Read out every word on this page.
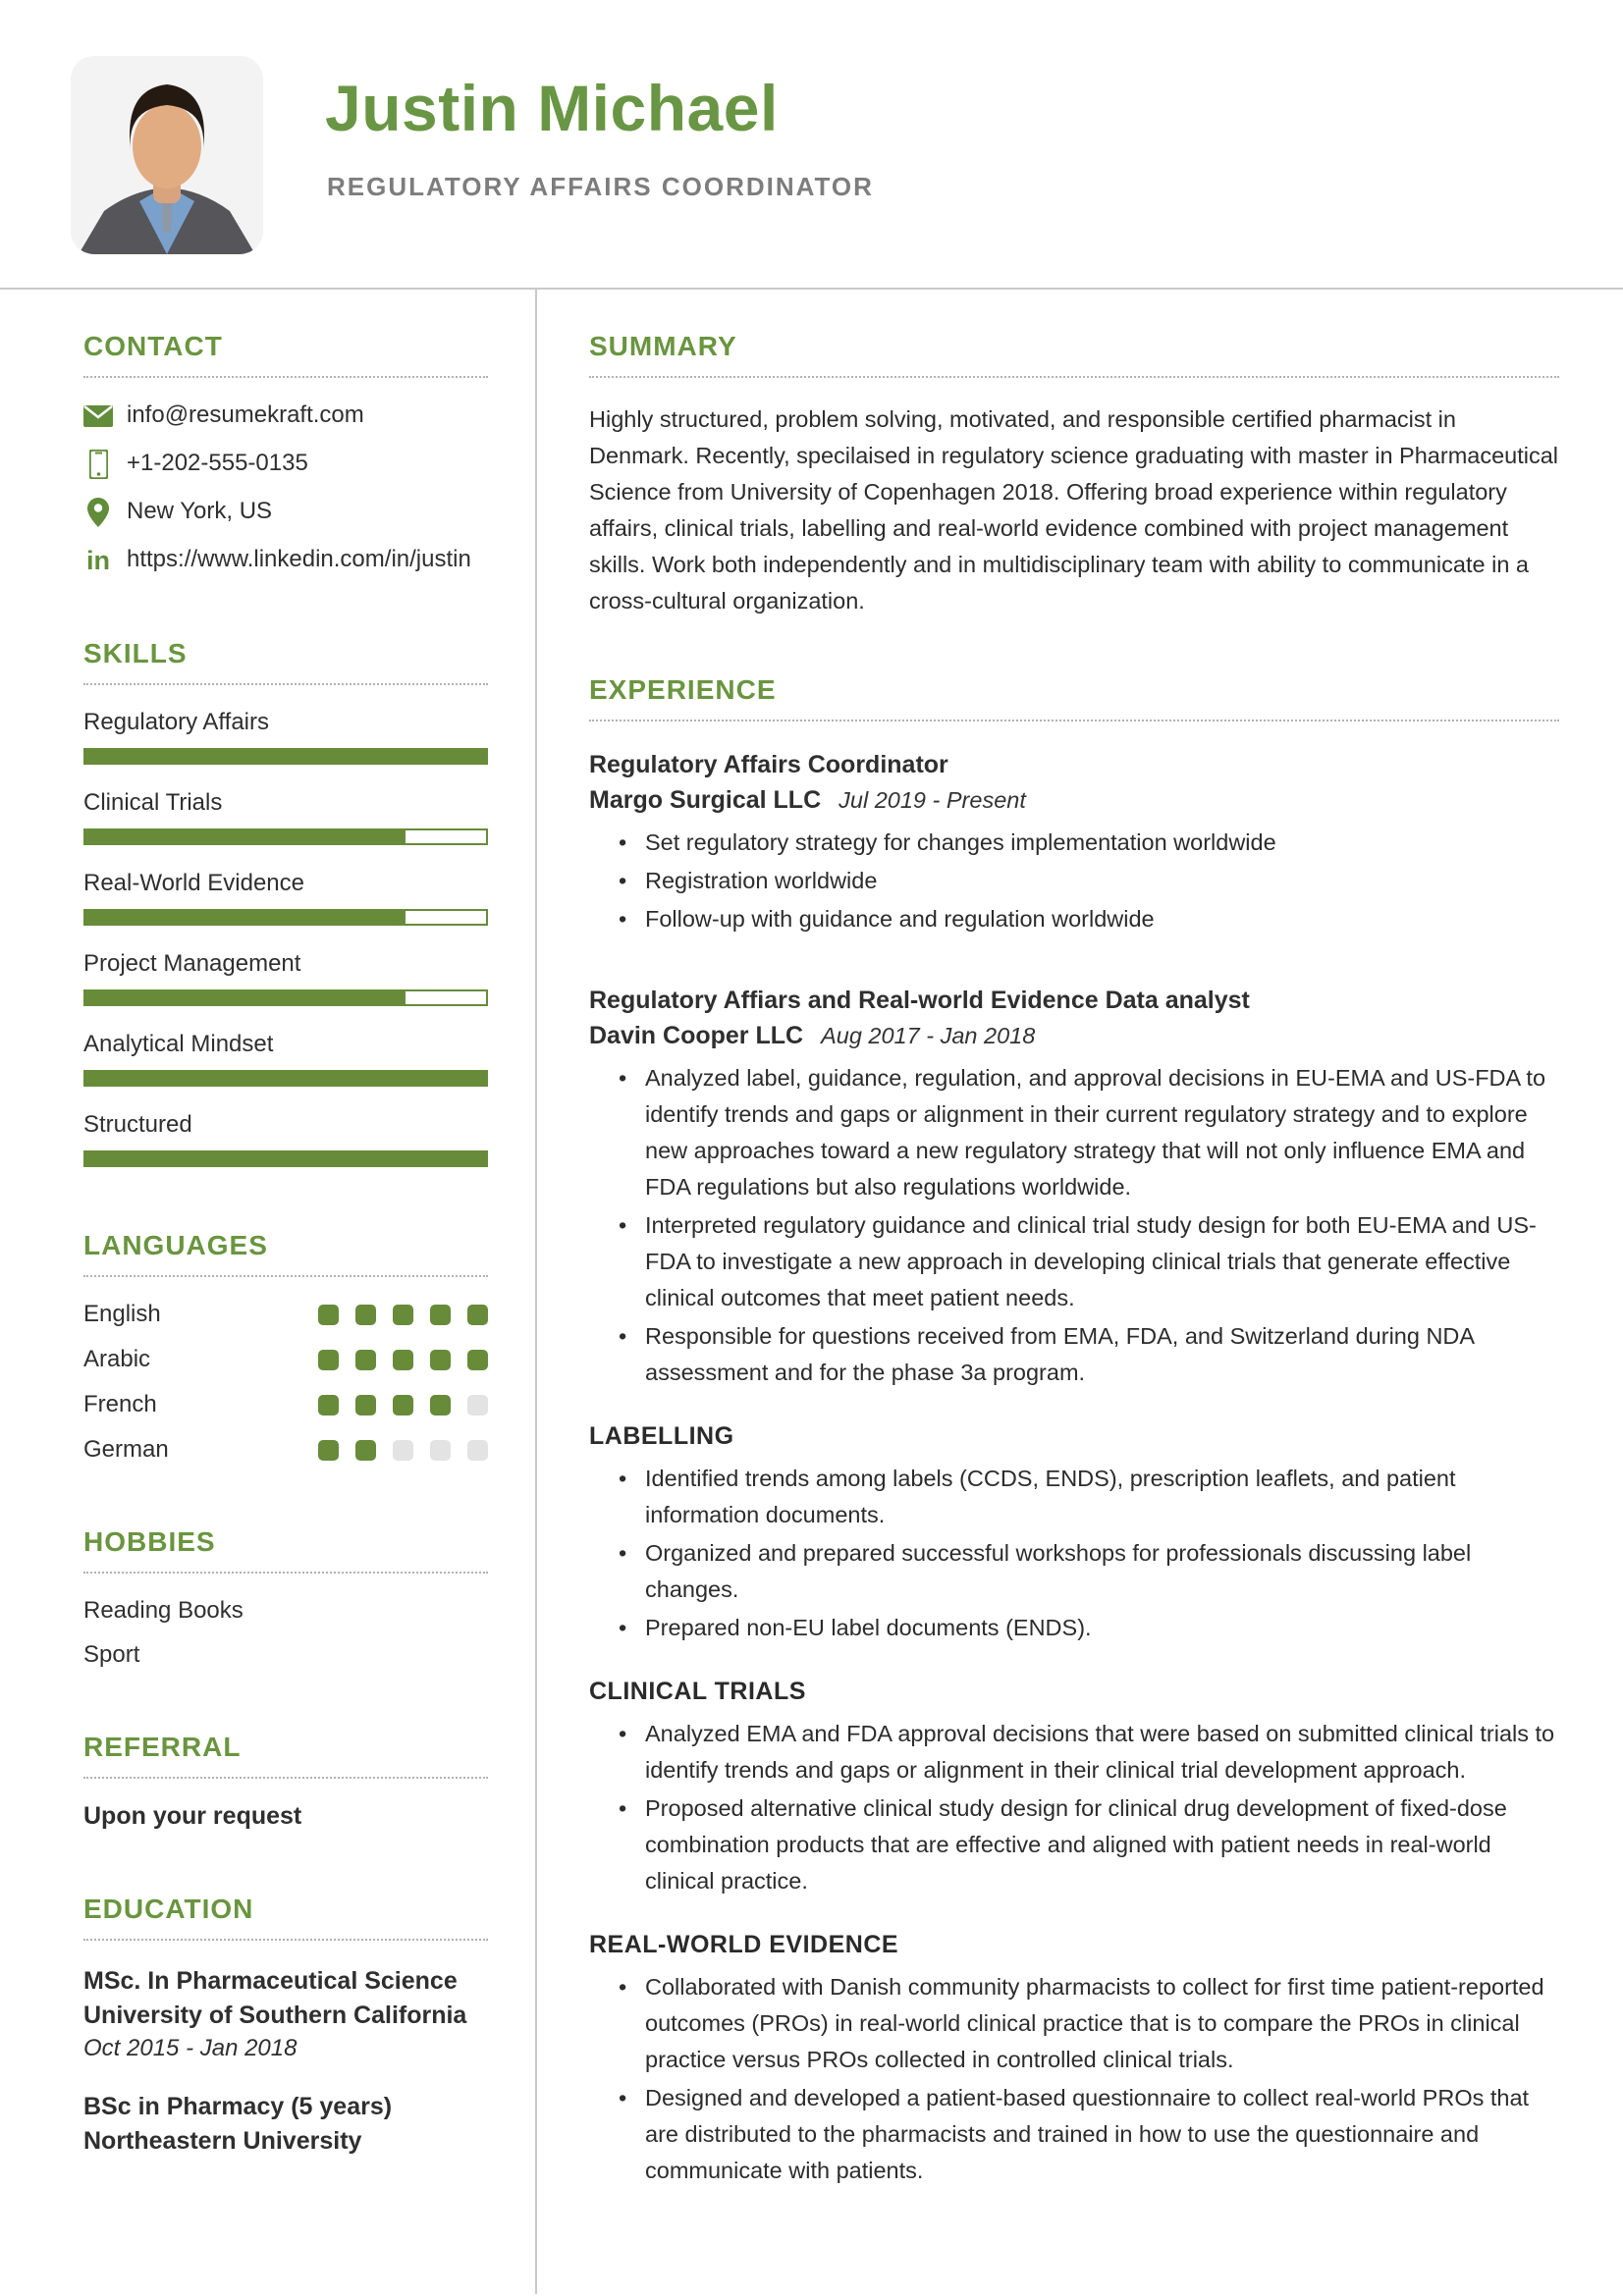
Justin Michael
REGULATORY AFFAIRS COORDINATOR
CONTACT
info@resumekraft.com
+1-202-555-0135
New York, US
in https://www.linkedin.com/in/justin
SKILLS
Regulatory Affairs
Clinical Trials
Real-World Evidence
Project Management
Analytical Mindset
Structured
LANGUAGES
English
Arabic
French
German
HOBBIES
Reading Books
Sport
REFERRAL
Upon your request
EDUCATION
MSc. In Pharmaceutical Science
University of Southern California
Oct 2015 - Jan 2018
BSc in Pharmacy (5 years)
Northeastern University
SUMMARY

Highly structured, problem solving, motivated, and responsible certified pharmacist in Denmark. Recently, specilaised in regulatory science graduating with master in Pharmaceutical Science from University of Copenhagen 2018. Offering broad experience within regulatory affairs, clinical trials, labelling and real-world evidence combined with project management skills. Work both independently and in multidisciplinary team with ability to communicate in a cross-cultural organization.

EXPERIENCE
Regulatory Affairs Coordinator
Margo Surgical LLC Jul 2019 - Present
• Set regulatory strategy for changes implementation worldwide
• Registration worldwide
• Follow-up with guidance and regulation worldwide
Regulatory Affiars and Real-world Evidence Data analyst
Davin Cooper LLC Aug 2017 - Jan 2018
• Analyzed label, guidance, regulation, and approval decisions in EU-EMA and US-FDA to identify trends and gaps or alignment in their current regulatory strategy and to explore new approaches toward a new regulatory strategy that will not only influence EMA and FDA regulations but also regulations worldwide.
• Interpreted regulatory guidance and clinical trial study design for both EU-EMA and US-FDA to investigate a new approach in developing clinical trials that generate effective clinical outcomes that meet patient needs.
• Responsible for questions received from EMA, FDA, and Switzerland during NDA assessment and for the phase 3a program.
LABELLING
• Identified trends among labels (CCDS, ENDS), prescription leaflets, and patient information documents.
• Organized and prepared successful workshops for professionals discussing label changes.
• Prepared non-EU label documents (ENDS).
CLINICAL TRIALS
• Analyzed EMA and FDA approval decisions that were based on submitted clinical trials to identify trends and gaps or alignment in their clinical trial development approach.
• Proposed alternative clinical study design for clinical drug development of fixed-dose combination products that are effective and aligned with patient needs in real-world clinical practice.
REAL-WORLD EVIDENCE
• Collaborated with Danish community pharmacists to collect for first time patient-reported outcomes (PROs) in real-world clinical practice that is to compare the PROs in clinical practice versus PROs collected in controlled clinical trials.
• Designed and developed a patient-based questionnaire to collect real-world PROs that are distributed to the pharmacists and trained in how to use the questionnaire and communicate with patients.
